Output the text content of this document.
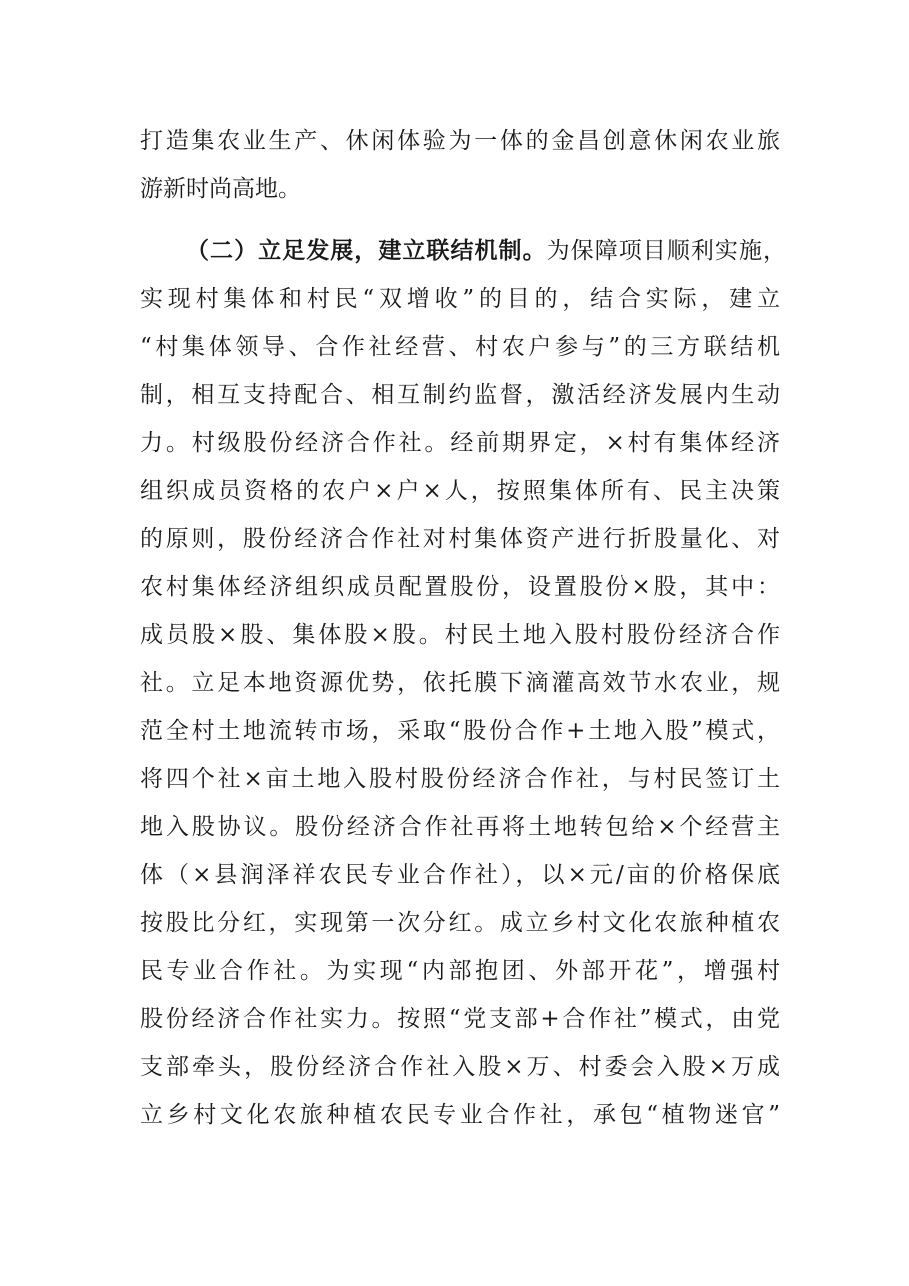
打造集农业生产、休闲体验为一体的金昌创意休闲农业旅
游新时尚高地。
（二）立足发展，建立联结机制。为保障项目顺利实施，
实现村集体和村民“双增收”的目的，结合实际，建立
“村集体领导、合作社经营、村农户参与”的三方联结机
制，相互支持配合、相互制约监督，激活经济发展内生动
力。村级股份经济合作社。经前期界定，×村有集体经济
组织成员资格的农户×户×人，按照集体所有、民主决策
的原则，股份经济合作社对村集体资产进行折股量化、对
农村集体经济组织成员配置股份，设置股份×股，其中：
成员股×股、集体股×股。村民土地入股村股份经济合作
社。立足本地资源优势，依托膜下滴灌高效节水农业，规
范全村土地流转市场，采取“股份合作+土地入股”模式，
将四个社×亩土地入股村股份经济合作社，与村民签订土
地入股协议。股份经济合作社再将土地转包给×个经营主
体（×县润泽祥农民专业合作社），以×元/亩的价格保底
按股比分红，实现第一次分红。成立乡村文化农旅种植农
民专业合作社。为实现“内部抱团、外部开花”，增强村
股份经济合作社实力。按照“党支部+合作社”模式，由党
支部牵头，股份经济合作社入股×万、村委会入股×万成
立乡村文化农旅种植农民专业合作社，承包“植物迷官”
